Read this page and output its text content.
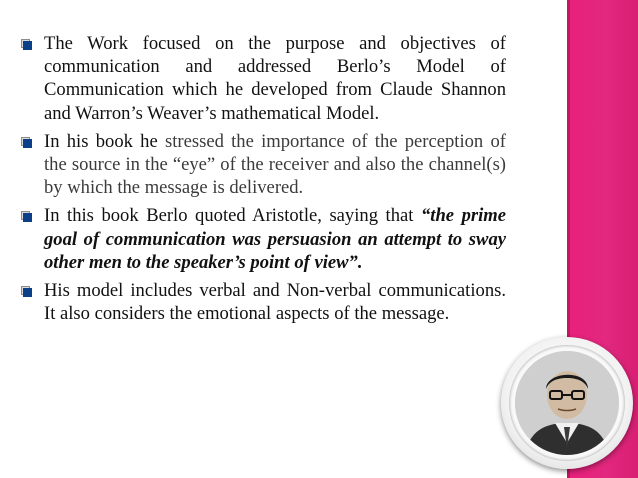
The Work focused on the purpose and objectives of communication and addressed Berlo’s Model of Communication which he developed from Claude Shannon and Warron’s Weaver’s mathematical Model.
In his book he stressed the importance of the perception of the source in the “eye” of the receiver and also the channel(s) by which the message is delivered.
In this book Berlo quoted Aristotle, saying that “the prime goal of communication was persuasion an attempt to sway other men to the speaker’s point of view”.
His model includes verbal and Non-verbal communications. It also considers the emotional aspects of the message.
